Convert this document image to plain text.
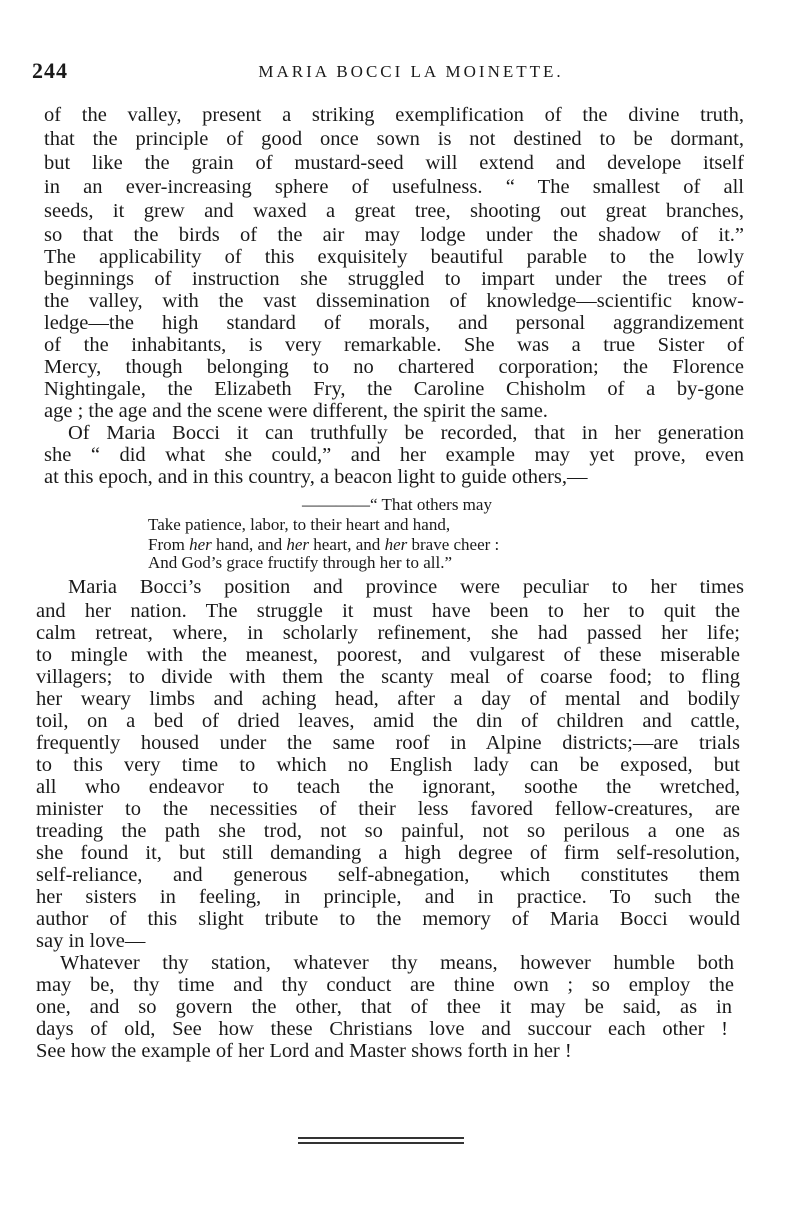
244	MARIA BOCCI LA MOINETTE.
of the valley, present a striking exemplification of the divine truth,
that the principle of good once sown is not destined to be dormant,
but like the grain of mustard-seed will extend and develope itself
in an ever-increasing sphere of usefulness. “ The smallest of all
seeds, it grew and waxed a great tree, shooting out great branches,
so that the birds of the air may lodge under the shadow of it.”
The applicability of this exquisitely beautiful parable to the lowly
beginnings of instruction she struggled to impart under the trees of
the valley, with the vast dissemination of knowledge—scientific know-
ledge—the high standard of morals, and personal aggrandizement
of the inhabitants, is very remarkable. She was a true Sister of
Mercy, though belonging to no chartered corporation; the Florence
Nightingale, the Elizabeth Fry, the Caroline Chisholm of a by-gone
age ; the age and the scene were different, the spirit the same.
Of Maria Bocci it can truthfully be recorded, that in her generation
she “ did what she could,” and her example may yet prove, even
at this epoch, and in this country, a beacon light to guide others,—
————“ That others may
Take patience, labor, to their heart and hand,
From her hand, and her heart, and her brave cheer :
And God’s grace fructify through her to all.”
Maria Bocci’s position and province were peculiar to her times
and her nation. The struggle it must have been to her to quit the
calm retreat, where, in scholarly refinement, she had passed her life;
to mingle with the meanest, poorest, and vulgarest of these miserable
villagers; to divide with them the scanty meal of coarse food; to fling
her weary limbs and aching head, after a day of mental and bodily
toil, on a bed of dried leaves, amid the din of children and cattle,
frequently housed under the same roof in Alpine districts;—are trials
to this very time to which no English lady can be exposed, but
all who endeavor to teach the ignorant, soothe the wretched,
minister to the necessities of their less favored fellow-creatures, are
treading the path she trod, not so painful, not so perilous a one as
she found it, but still demanding a high degree of firm self-resolution,
self-reliance, and generous self-abnegation, which constitutes them
her sisters in feeling, in principle, and in practice. To such the
author of this slight tribute to the memory of Maria Bocci would
say in love—
Whatever thy station, whatever thy means, however humble both
may be, thy time and thy conduct are thine own ; so employ the
one, and so govern the other, that of thee it may be said, as in
days of old, See how these Christians love and succour each other !
See how the example of her Lord and Master shows forth in her !
